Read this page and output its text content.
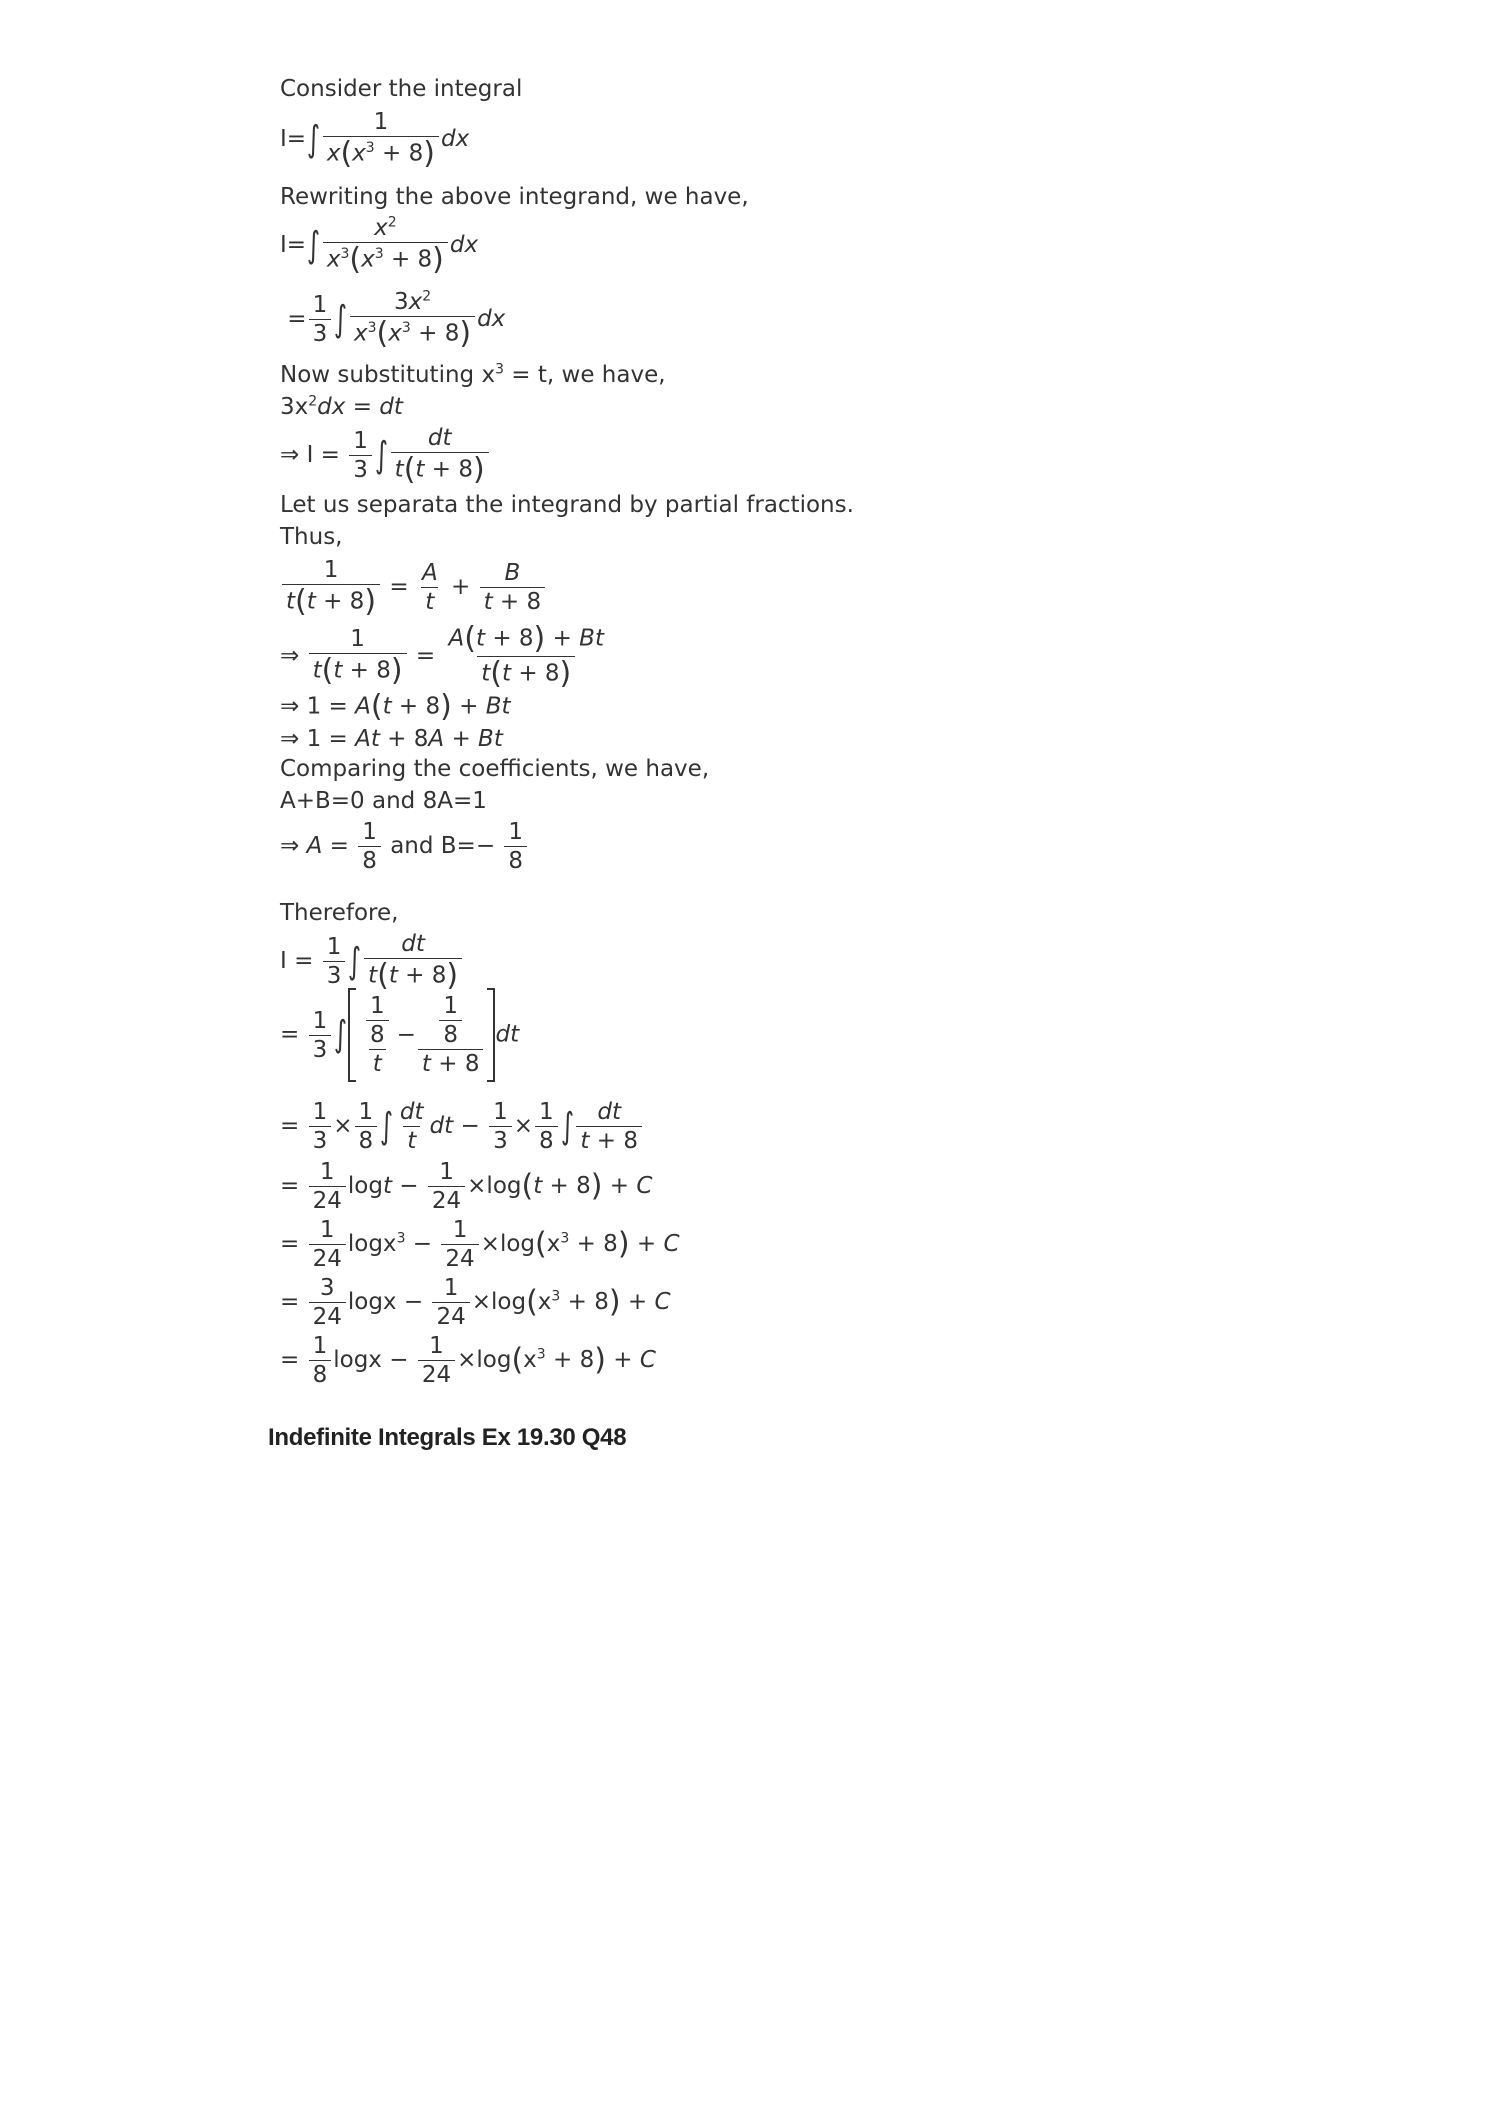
Consider the integral
$I=\int \frac{1}{x(x^3 + 8)}$ dx
Rewriting the above integrand, we have,
$I=\int \frac{x^2}{x^3(x^3 + 8)}$ dx
= $\frac{1}{3}$ ∫ $\frac{3x^2}{x^3(x^3 + 8)}$ dx
Now substituting $x^3 = t$, we have,
$3x^2dx$ = dt
⇒ $I = \frac{1}{3}$ ∫ $\frac{dt}{t(t + 8)}$
Let us separata the integrand by partial fractions.
Thus,
$\frac{1}{t(t + 8)} = \frac{A}{t} + \frac{B}{t + 8}$
⇒ $\frac{1}{t(t + 8)} = \frac{A(t + 8) + Bt}{t(t + 8)}$
⇒ 1 = A(t + 8) + Bt
⇒ 1 = At + 8A + Bt
Comparing the coefficients, we have,
A+B=0 and 8A=1
⇒ $A = \frac{1}{8}$ and $B=- \frac{1}{8}$
Therefore,
$I = \frac{1}{3}$ ∫ $\frac{dt}{t(t + 8)}$
= $\frac{1}{3}$ ∫ $\frac{\frac{1}{8}}{t} - \frac{\frac{1}{8}}{t + 8}$ dt
= $\frac{1}{3} \times \frac{1}{8}$ ∫ $\frac{dt}{t}$ dt − $\frac{1}{3} \times \frac{1}{8}$ ∫ $\frac{dt}{t + 8}$
= $\frac{1}{24}$ $\log t - \frac{1}{24} \times\log(t + 8) + C$
= $\frac{1}{24} \log x^3 - \frac{1}{24} \times\log(x^3 + 8) + C$
= $\frac{3}{24}$ $\log x - \frac{1}{24} \times\log(x^3 + 8) + C$
= $\frac{1}{8}$ $\log x - \frac{1}{24} \times\log(x^3 + 8) + C$
Indefinite Integrals Ex 19.30 Q48
